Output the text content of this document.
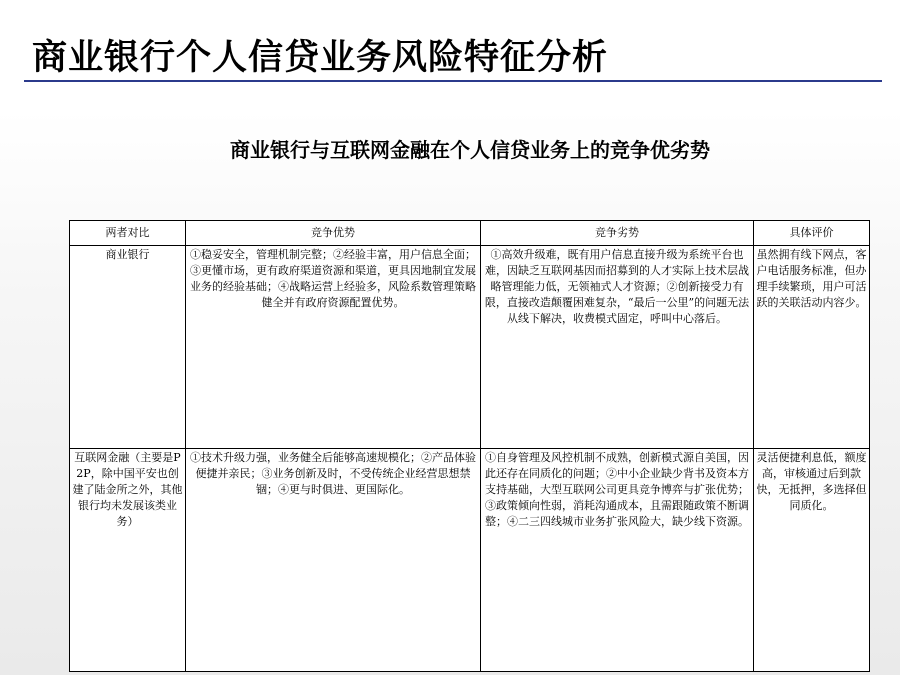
商业银行个人信贷业务风险特征分析
商业银行与互联网金融在个人信贷业务上的竞争优劣势
两者对比	竞争优势	竞争劣势	具体评价
商业银行	①稳妥安全，管理机制完整；②经验丰富，用户信息全面；③更懂市场，更有政府渠道资源和渠道，更具因地制宜发展业务的经验基础；④战略运营上经验多，风险系数管理策略健全并有政府资源配置优势。	①高效升级难，既有用户信息直接升级为系统平台也难，因缺乏互联网基因而招募到的人才实际上技术层战略管理能力低，无领袖式人才资源；②创新接受力有限，直接改造颠覆困难复杂，“最后一公里”的问题无法从线下解决，收费模式固定，呼叫中心落后。	虽然拥有线下网点，客户电话服务标准，但办理手续繁琐，用户可活跃的关联活动内容少。
互联网金融（主要是P2P，除中国平安也创建了陆金所之外，其他银行均未发展该类业务）	①技术升级力强，业务健全后能够高速规模化；②产品体验便捷并亲民；③业务创新及时，不受传统企业经营思想禁锢；④更与时俱进、更国际化。	①自身管理及风控机制不成熟，创新模式源自美国，因此还存在同质化的问题；②中小企业缺少背书及资本方支持基础，大型互联网公司更具竞争博弈与扩张优势；③政策倾向性弱，消耗沟通成本，且需跟随政策不断调整；④二三四线城市业务扩张风险大，缺少线下资源。	灵活便捷利息低，额度高，审核通过后到款快，无抵押，多选择但同质化。
